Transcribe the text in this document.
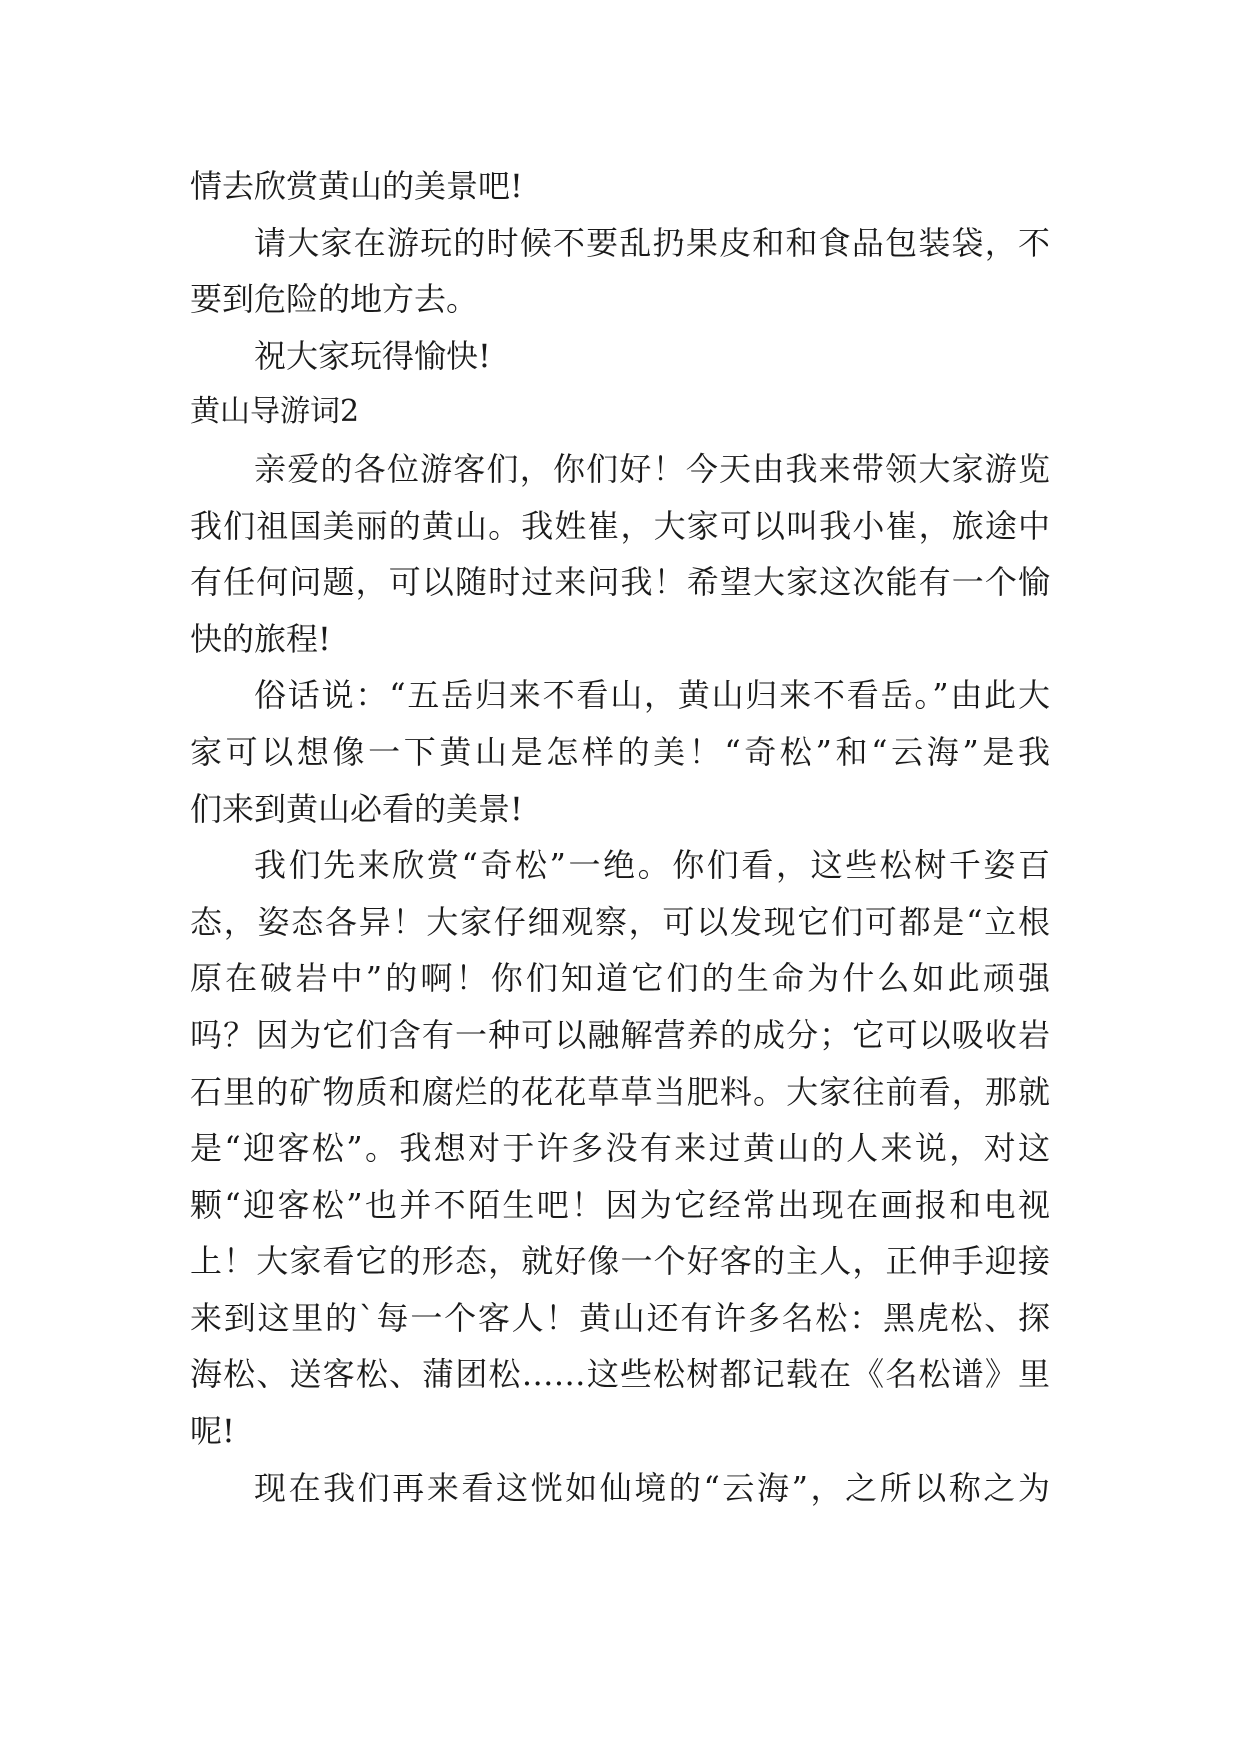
情去欣赏黄山的美景吧!
请大家在游玩的时候不要乱扔果皮和和食品包装袋，不
要到危险的地方去。
祝大家玩得愉快!
黄山导游词2
亲爱的各位游客们，你们好！今天由我来带领大家游览
我们祖国美丽的黄山。我姓崔，大家可以叫我小崔，旅途中
有任何问题，可以随时过来问我！希望大家这次能有一个愉
快的旅程!
俗话说：“五岳归来不看山，黄山归来不看岳。”由此大
家可以想像一下黄山是怎样的美！“奇松”和“云海”是我
们来到黄山必看的美景!
我们先来欣赏“奇松”一绝。你们看，这些松树千姿百
态，姿态各异！大家仔细观察，可以发现它们可都是“立根
原在破岩中”的啊！你们知道它们的生命为什么如此顽强
吗？因为它们含有一种可以融解营养的成分；它可以吸收岩
石里的矿物质和腐烂的花花草草当肥料。大家往前看，那就
是“迎客松”。我想对于许多没有来过黄山的人来说，对这
颗“迎客松”也并不陌生吧！因为它经常出现在画报和电视
上！大家看它的形态，就好像一个好客的主人，正伸手迎接
来到这里的`每一个客人！黄山还有许多名松：黑虎松、探
海松、送客松、蒲团松……这些松树都记载在《名松谱》里
呢!
现在我们再来看这恍如仙境的“云海”，之所以称之为
